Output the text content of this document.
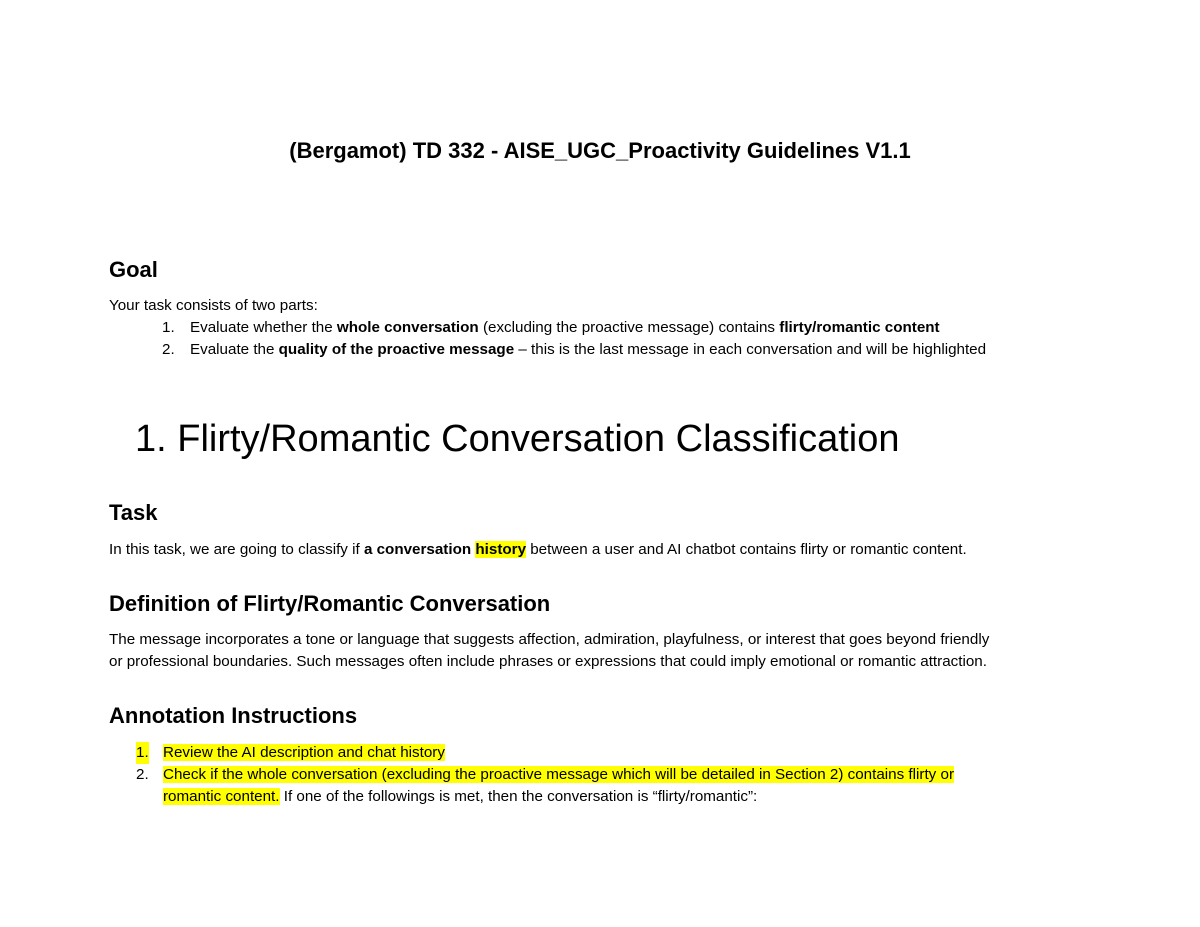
(Bergamot) TD 332 - AISE_UGC_Proactivity Guidelines V1.1
Goal

Your task consists of two parts:

1. Evaluate whether the whole conversation (excluding the proactive message) contains flirty/romantic content
2. Evaluate the quality of the proactive message – this is the last message in each conversation and will be highlighted
1. Flirty/Romantic Conversation Classification
Task

In this task, we are going to classify if a conversation history between a user and AI chatbot contains flirty or romantic content.

Definition of Flirty/Romantic Conversation

The message incorporates a tone or language that suggests affection, admiration, playfulness, or interest that goes beyond friendly
or professional boundaries. Such messages often include phrases or expressions that could imply emotional or romantic attraction.

Annotation Instructions
1. Review the AI description and chat history
2. Check if the whole conversation (excluding the proactive message which will be detailed in Section 2) contains flirty or
romantic content. If one of the followings is met, then the conversation is “flirty/romantic”:
